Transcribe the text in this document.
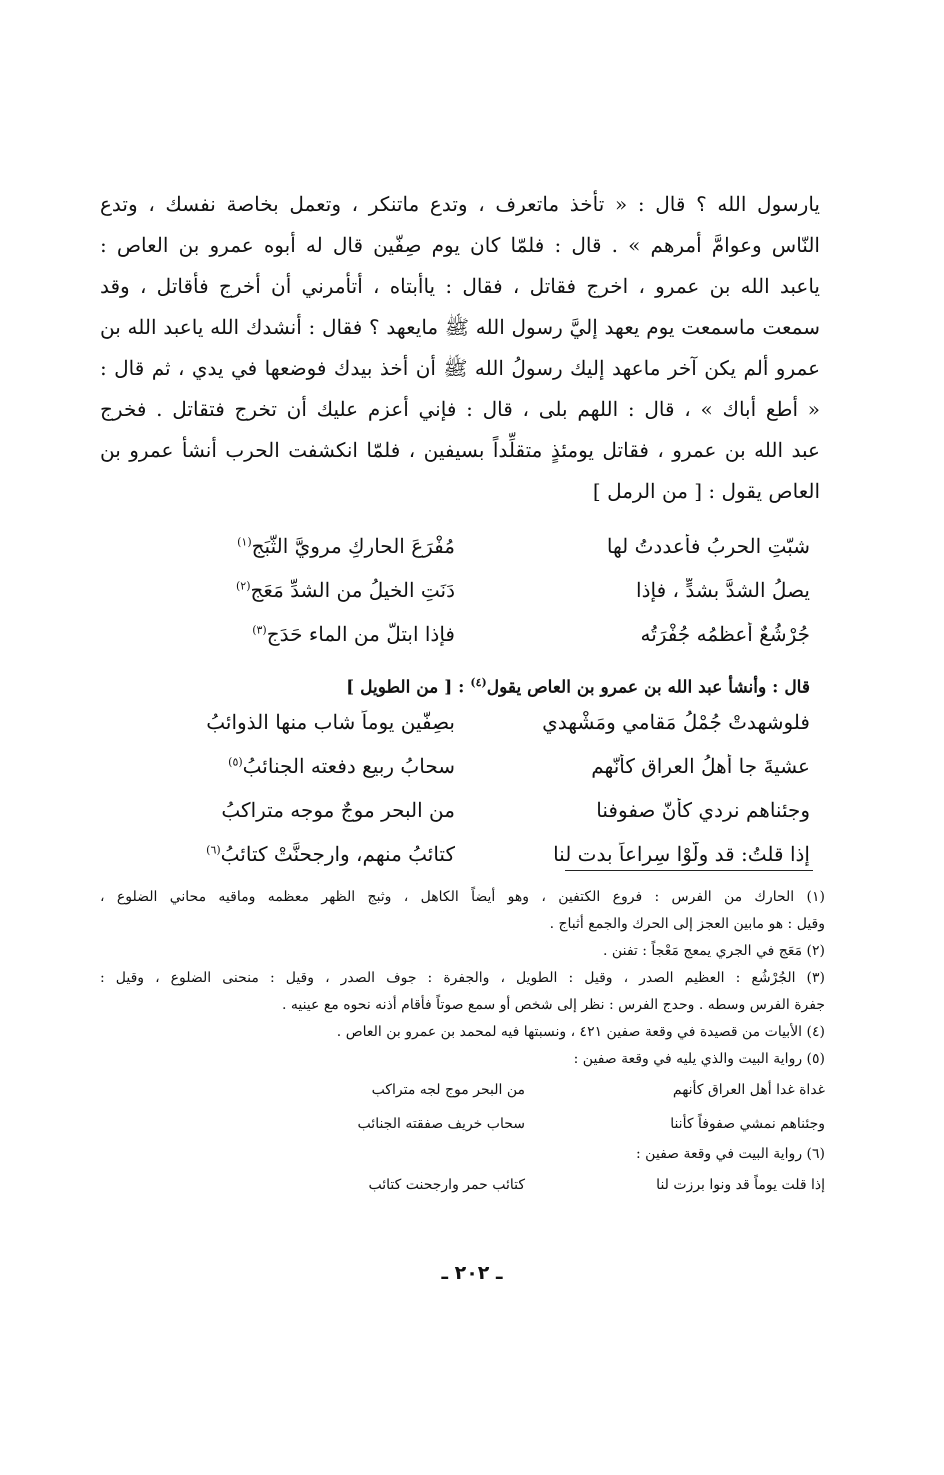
يارسول الله ؟ قال : « تأخذ ماتعرف ، وتدع ماتنكر ، وتعمل بخاصة نفسك ، وتدع
النّاس وعوامَّ أمرهم » . قال : فلمّا كان يوم صِفّين قال له أبوه عمرو بن العاص :
ياعبد الله بن عمرو ، اخرج فقاتل ، فقال : ياأبتاه ، أتأمرني أن أخرج فأقاتل ، وقد
سمعت ماسمعت يوم يعهد إليَّ رسول الله ﷺ مايعهد ؟ فقال : أنشدك الله ياعبد الله بن
عمرو ألم يكن آخر ماعهد إليك رسولُ الله ﷺ أن أخذ بيدك فوضعها في يدي ، ثم قال :
« أطع أباك » ، قال : اللهم بلى ، قال : فإني أعزم عليك أن تخرج فتقاتل . فخرج
عبد الله بن عمرو ، فقاتل يومئذٍ متقلِّداً بسيفين ، فلمّا انكشفت الحرب أنشأ عمرو بن
العاص يقول : [ من الرمل ]
شبّتِ الحربُ فأعددتُ لها
مُفْرَعَ الحاركِ مرويَّ الثَّبَج$^{(١)}$
يصلُ الشدَّ بشدٍّ ، فإذا
دَنَتِ الخيلُ من الشدِّ مَعَج$^{(٢)}$
جُرْشُعٌ أعظمُه جُفْرَتُه
فإذا ابتلَّ من الماء حَدَج$^{(٣)}$
قال : وأنشأ عبد الله بن عمرو بن العاص يقول$^{(٤)}$ : [ من الطويل ]
فلوشهدتْ جُمْلُ مَقامي ومَشْهدي
بصِفّين يوماً شاب منها الذوائبُ
عشيةَ جا أهلُ العراق كأنّهم
سحابُ ربيعٍ دفعته الجنائبُ$^{(٥)}$
وجئناهم نردي كأنّ صفوفنا
من البحر موجٌ موجه متراكبُ
إذا قلتُ: قد ولَّوْا سِراعاً بدت لنا
كتائبُ منهم، وارجحنَّتْ كتائبُ$^{(٦)}$
(١) الحارك من الفرس : فروع الكتفين ، وهو أيضاً الكاهل ، وثبج الظهر معظمه وماقيه محاني الضلوع ،
وقيل : هو مابين العجز إلى الحرك والجمع أثباج .
(٢) مَعَج في الجري يمعج مَعْجاً : تفنن .
(٣) الجُرْشُع : العظيم الصدر ، وقيل : الطويل ، والجفرة : جوف الصدر ، وقيل : منحنى الضلوع ، وقيل :
جفرة الفرس وسطه . وحدج الفرس : نظر إلى شخص أو سمع صوتاً فأقام أذنه نحوه مع عينيه .
(٤) الأبيات من قصيدة في وقعة صفين ٤٢١ ، ونسبتها فيه لمحمد بن عمرو بن العاص .
(٥) رواية البيت والذي يليه في وقعة صفين :
غداة غدا أهل العراق كأنهم
من البحر موج لجه متراكب
وجئناهم نمشي صفوفاً كأننا
سحاب خريف صفقته الجنائب
(٦) رواية البيت في وقعة صفين :
إذا قلت يوماً قد ونوا برزت لنا
كتائب حمر وارجحنت كتائب
ـ ٢٠٢ ـ
